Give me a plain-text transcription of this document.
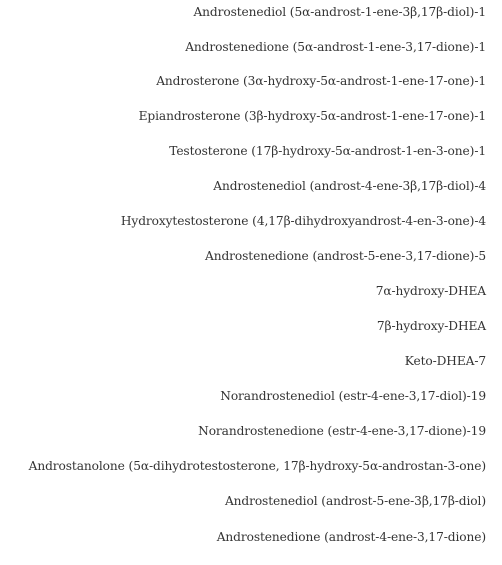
Androstenediol (5α-androst-1-ene-3β,17β-diol)-1
Androstenedione (5α-androst-1-ene-3,17-dione)-1
Androsterone (3α-hydroxy-5α-androst-1-ene-17-one)-1
Epiandrosterone (3β-hydroxy-5α-androst-1-ene-17-one)-1
Testosterone (17β-hydroxy-5α-androst-1-en-3-one)-1
Androstenediol (androst-4-ene-3β,17β-diol)-4
Hydroxytestosterone (4,17β-dihydroxyandrost-4-en-3-one)-4
Androstenedione (androst-5-ene-3,17-dione)-5
7α-hydroxy-DHEA
7β-hydroxy-DHEA
Keto-DHEA-7
Norandrostenediol (estr-4-ene-3,17-diol)-19
Norandrostenedione (estr-4-ene-3,17-dione)-19
Androstanolone (5α-dihydrotestosterone, 17β-hydroxy-5α-androstan-3-one)
Androstenediol (androst-5-ene-3β,17β-diol)
Androstenedione (androst-4-ene-3,17-dione)
